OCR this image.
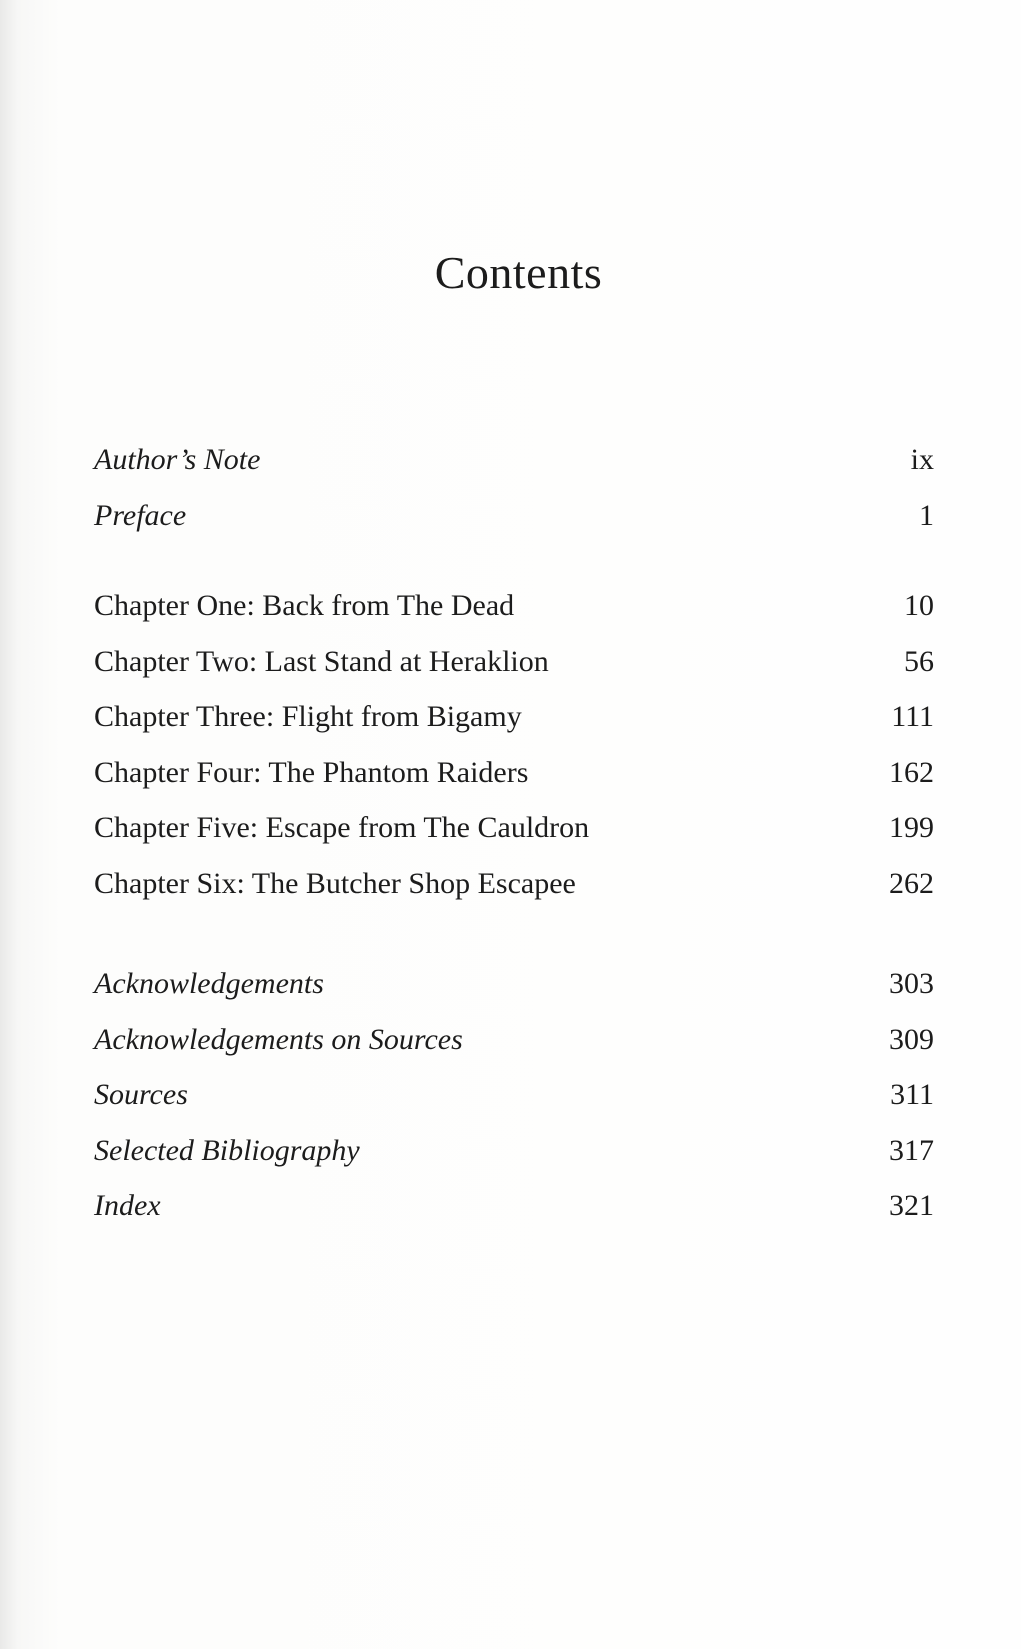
Contents
Author’s Note	ix
Preface	1
Chapter One: Back from The Dead	10
Chapter Two: Last Stand at Heraklion	56
Chapter Three: Flight from Bigamy	111
Chapter Four: The Phantom Raiders	162
Chapter Five: Escape from The Cauldron	199
Chapter Six: The Butcher Shop Escapee	262
Acknowledgements	303
Acknowledgements on Sources	309
Sources	311
Selected Bibliography	317
Index	321
